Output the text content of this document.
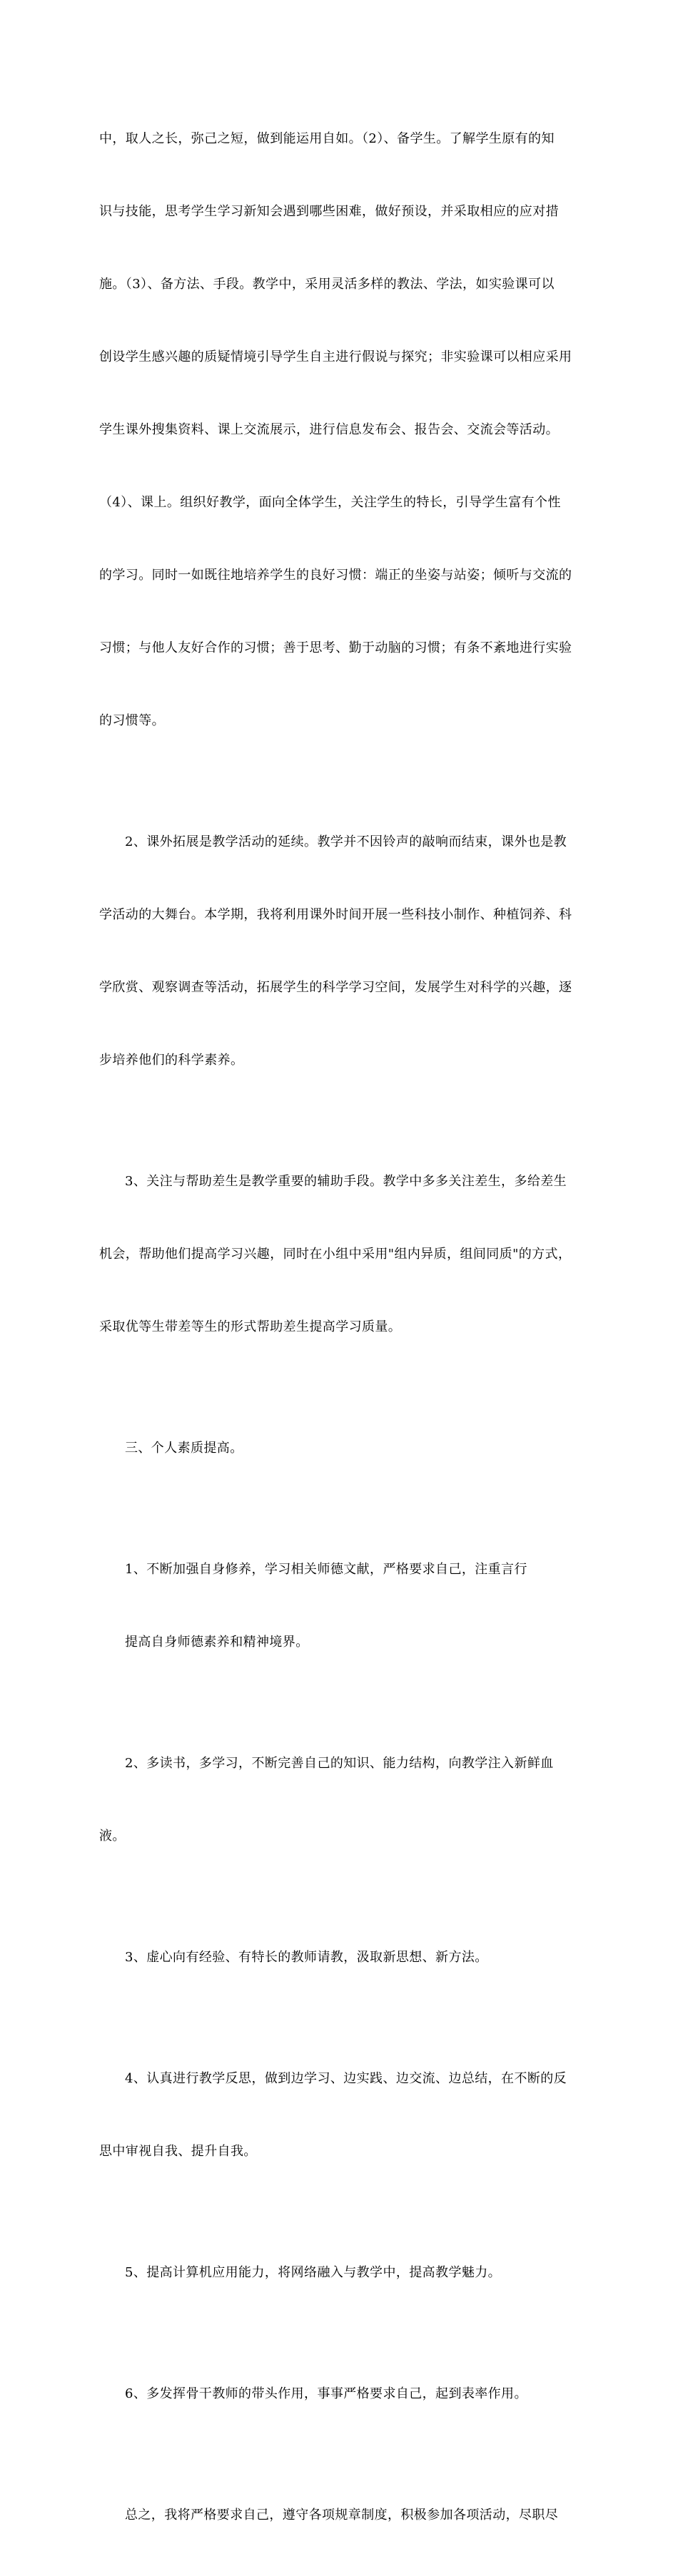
中，取人之长，弥己之短，做到能运用自如。（2）、备学生。了解学生原有的知

识与技能，思考学生学习新知会遇到哪些困难，做好预设，并采取相应的应对措

施。（3）、备方法、手段。教学中，采用灵活多样的教法、学法，如实验课可以

创设学生感兴趣的质疑情境引导学生自主进行假说与探究；非实验课可以相应采用

学生课外搜集资料、课上交流展示，进行信息发布会、报告会、交流会等活动。

（4）、课上。组织好教学，面向全体学生，关注学生的特长，引导学生富有个性

的学习。同时一如既往地培养学生的良好习惯：端正的坐姿与站姿；倾听与交流的

习惯；与他人友好合作的习惯；善于思考、勤于动脑的习惯；有条不紊地进行实验

的习惯等。

2、课外拓展是教学活动的延续。教学并不因铃声的敲响而结束，课外也是教

学活动的大舞台。本学期，我将利用课外时间开展一些科技小制作、种植饲养、科

学欣赏、观察调查等活动，拓展学生的科学学习空间，发展学生对科学的兴趣，逐

步培养他们的科学素养。

3、关注与帮助差生是教学重要的辅助手段。教学中多多关注差生，多给差生

机会，帮助他们提高学习兴趣，同时在小组中采用"组内异质，组间同质"的方式，

采取优等生带差等生的形式帮助差生提高学习质量。

三、个人素质提高。

1、不断加强自身修养，学习相关师德文献，严格要求自己，注重言行

提高自身师德素养和精神境界。

2、多读书，多学习，不断完善自己的知识、能力结构，向教学注入新鲜血

液。

3、虚心向有经验、有特长的教师请教，汲取新思想、新方法。

4、认真进行教学反思，做到边学习、边实践、边交流、边总结，在不断的反

思中审视自我、提升自我。

5、提高计算机应用能力，将网络融入与教学中，提高教学魅力。

6、多发挥骨干教师的带头作用，事事严格要求自己，起到表率作用。

总之，我将严格要求自己，遵守各项规章制度，积极参加各项活动，尽职尽
